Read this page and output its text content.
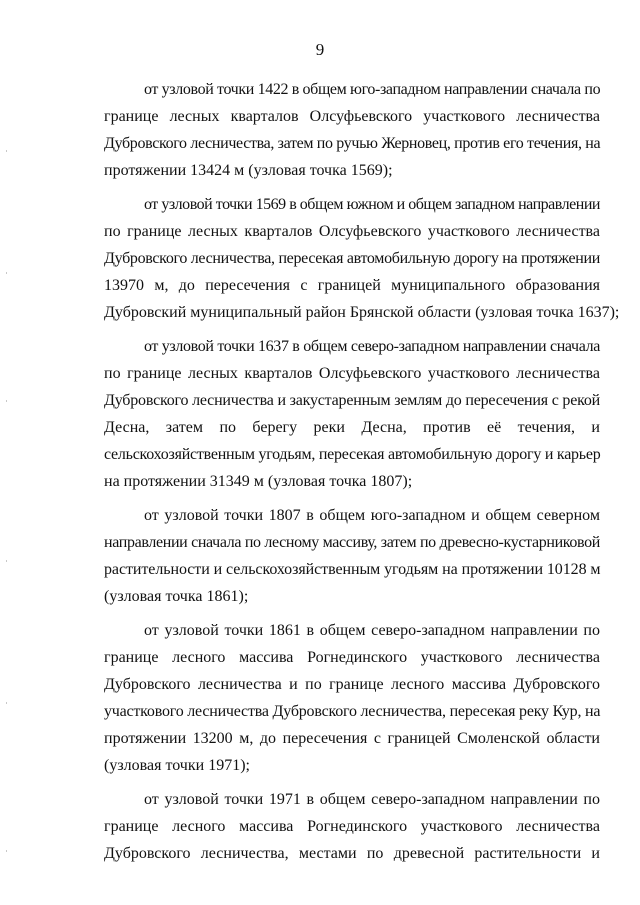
9
от узловой точки 1422 в общем юго-западном направлении сначала по
границе лесных кварталов Олсуфьевского участкового лесничества
Дубровского лесничества, затем по ручью Жерновец, против его течения, на
протяжении 13424 м (узловая точка 1569);
от узловой точки 1569 в общем южном и общем западном направлении
по границе лесных кварталов Олсуфьевского участкового лесничества
Дубровского лесничества, пересекая автомобильную дорогу на протяжении
13970 м, до пересечения с границей муниципального образования
Дубровский муниципальный район Брянской области (узловая точка 1637);
от узловой точки 1637 в общем северо-западном направлении сначала
по границе лесных кварталов Олсуфьевского участкового лесничества
Дубровского лесничества и закустаренным землям до пересечения с рекой
Десна, затем по берегу реки Десна, против её течения, и
сельскохозяйственным угодьям, пересекая автомобильную дорогу и карьер
на протяжении 31349 м (узловая точка 1807);
от узловой точки 1807 в общем юго-западном и общем северном
направлении сначала по лесному массиву, затем по древесно-кустарниковой
растительности и сельскохозяйственным угодьям на протяжении 10128 м
(узловая точка 1861);
от узловой точки 1861 в общем северо-западном направлении по
границе лесного массива Рогнединского участкового лесничества
Дубровского лесничества и по границе лесного массива Дубровского
участкового лесничества Дубровского лесничества, пересекая реку Кур, на
протяжении 13200 м, до пересечения с границей Смоленской области
(узловая точки 1971);
от узловой точки 1971 в общем северо-западном направлении по
границе лесного массива Рогнединского участкового лесничества
Дубровского лесничества, местами по древесной растительности и
